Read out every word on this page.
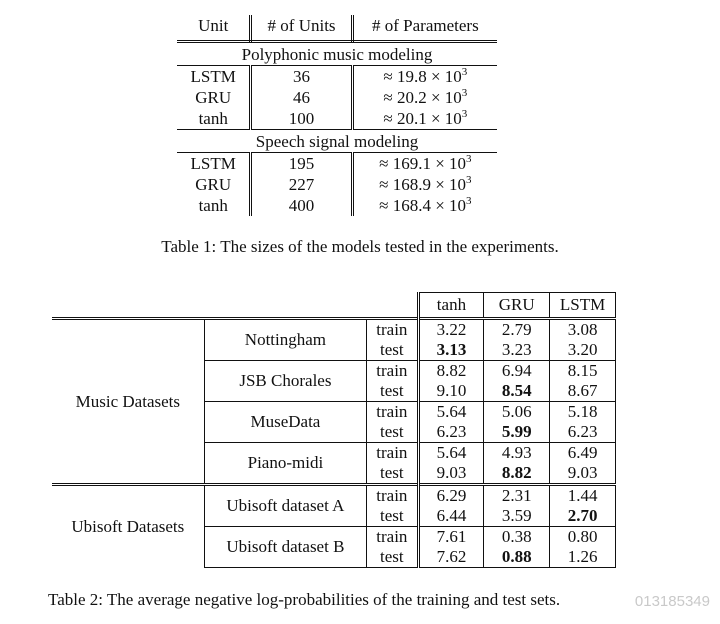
Unit	# of Units	# of Parameters
Polyphonic music modeling		
LSTM	36	≈ $19.8 \times 10^3$
GRU	46	≈ $20.2 \times 10^3$
tanh	100	≈ $20.1 \times 10^3$
Speech signal modeling		
LSTM	195	≈ $169.1 \times 10^3$
GRU	227	≈ $168.9 \times 10^3$
tanh	400	≈ $168.4 \times 10^3$
Table 1: The sizes of the models tested in the experiments.
			tanh	GRU	LSTM
Music Datasets	Nottingham	train	3.22	2.79	3.08
		test	3.13	3.23	3.20
	JSB Chorales	train	8.82	6.94	8.15
		test	9.10	8.54	8.67
	MuseData	train	5.64	5.06	5.18
		test	6.23	5.99	6.23
	Piano-midi	train	5.64	4.93	6.49
		test	9.03	8.82	9.03
Ubisoft Datasets	Ubisoft dataset A	train	6.29	2.31	1.44
		test	6.44	3.59	2.70
	Ubisoft dataset B	train	7.61	0.38	0.80
		test	7.62	0.88	1.26
Table 2: The average negative log-probabilities of the training and test sets.	013185349
